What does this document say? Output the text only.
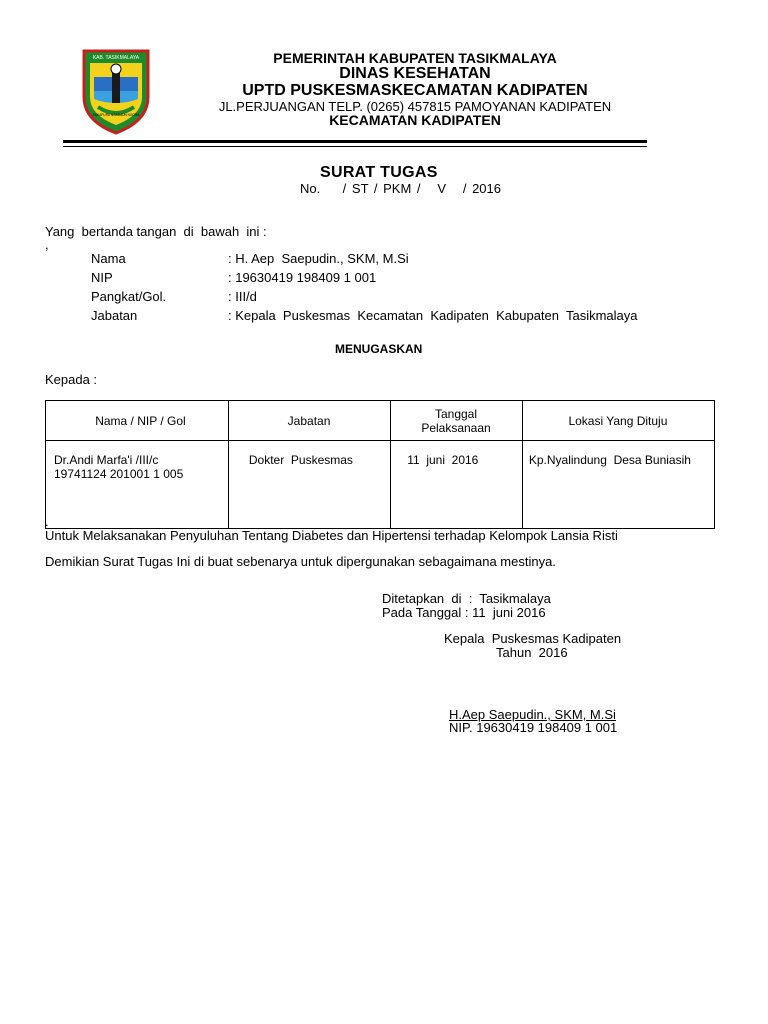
KAB. TASIKMALAYA
SUKAPURA NGADAUN NGORA
PEMERINTAH KABUPATEN TASIKMALAYA
DINAS KESEHATAN
UPTD PUSKESMASKECAMATAN KADIPATEN
JL.PERJUANGAN TELP. (0265) 457815 PAMOYANAN KADIPATEN
KECAMATAN KADIPATEN
SURAT TUGAS
No.    / ST / PKM /   V   / 2016
Yang  bertanda tangan  di  bawah  ini :
,
Nama	: H. Aep  Saepudin., SKM, M.Si
NIP	: 19630419 198409 1 001
Pangkat/Gol.	: III/d
Jabatan	: Kepala  Puskesmas  Kecamatan  Kadipaten  Kabupaten  Tasikmalaya
MENUGASKAN
Kepada :
Nama / NIP / Gol	Jabatan	Tanggal
Pelaksanaan	Lokasi Yang Dituju

Dr.Andi Marfa'i /III/c
19741124 201001 1 005	Dokter  Puskesmas	11  juni  2016	Kp.Nyalindung  Desa Buniasih
.
Untuk Melaksanakan Penyuluhan Tentang Diabetes dan Hipertensi terhadap Kelompok Lansia Risti
Demikian Surat Tugas Ini di buat sebenarya untuk dipergunakan sebagaimana mestinya.
Ditetapkan  di  :  Tasikmalaya
Pada Tanggal : 11  juni 2016
Kepala  Puskesmas Kadipaten
Tahun  2016
H.Aep Saepudin., SKM, M.Si
NIP. 19630419 198409 1 001
